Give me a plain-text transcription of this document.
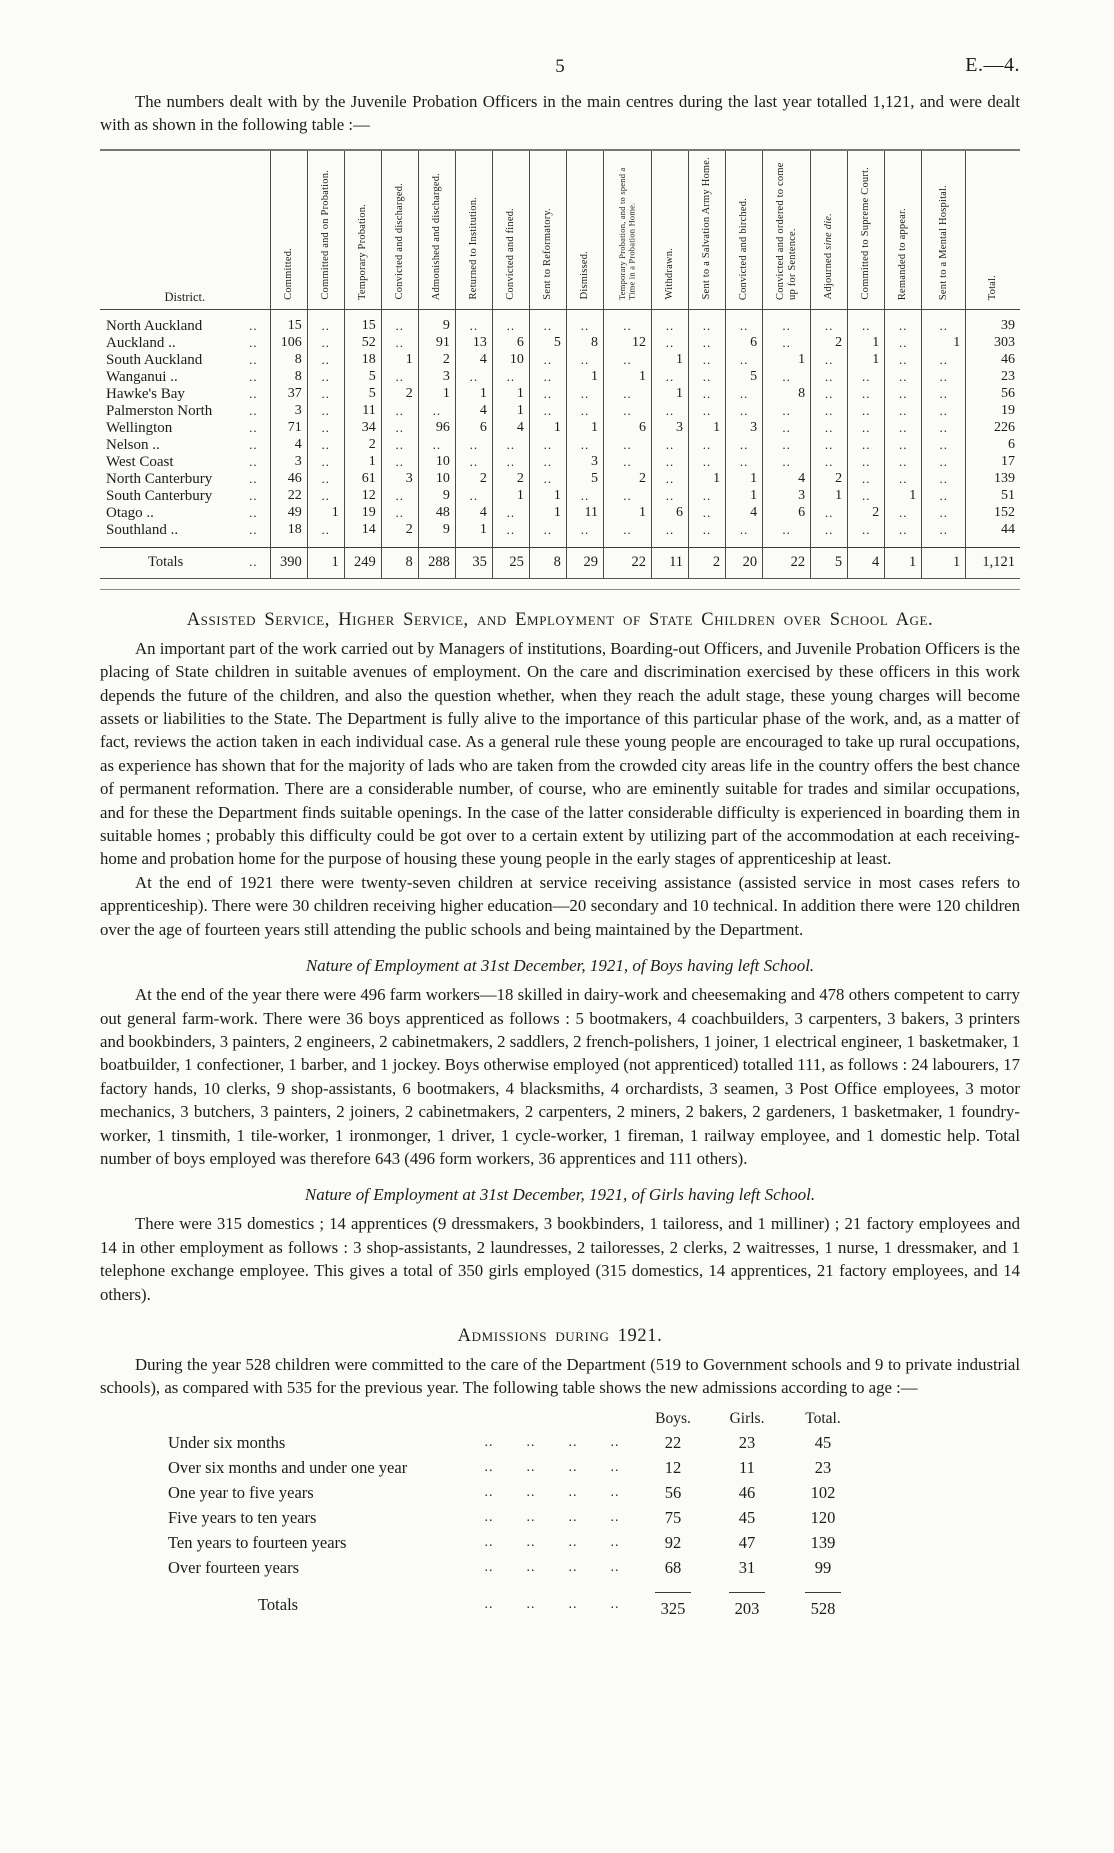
5	E.—4.

The numbers dealt with by the Juvenile Probation Officers in the main centres during the last year totalled 1,121, and were dealt with as shown in the following table :—

District.	Committed.	Committed and on Probation.	Temporary Probation.	Convicted and discharged.	Admonished and discharged.	Returned to Institution.	Convicted and fined.	Sent to Reformatory.	Dismissed.	Temporary Probation, and to spend a Time in a Probation Home.	Withdrawn.	Sent to a Salvation Army Home.	Convicted and birched.	Convicted and ordered to come up for Sentence.	Adjourned sine die.	Committed to Supreme Court.	Remanded to appear.	Sent to a Mental Hospital.	Total.

..
North Auckland	15	..	15	..	9	..	..	..	..	..	..	..	..	..	..	..	..	..	39

..
Auckland ..	106	..	52	..	91	13	6	5	8	12	..	..	6	..	2	1	..	1	303

..
South Auckland	8	..	18	1	2	4	10	..	..	..	1	..	..	1	..	1	..	..	46

..
Wanganui ..	8	..	5	..	3	..	..	..	1	1	..	..	5	..	..	..	..	..	23

..
Hawke's Bay	37	..	5	2	1	1	1	..	..	..	1	..	..	8	..	..	..	..	56

..
Palmerston North	3	..	11	..	..	4	1	..	..	..	..	..	..	..	..	..	..	..	19

..
Wellington	71	..	34	..	96	6	4	1	1	6	3	1	3	..	..	..	..	..	226

..
Nelson ..	4	..	2	..	..	..	..	..	..	..	..	..	..	..	..	..	..	..	6

..
West Coast	3	..	1	..	10	..	..	..	3	..	..	..	..	..	..	..	..	..	17

..
North Canterbury	46	..	61	3	10	2	2	..	5	2	..	1	1	4	2	..	..	..	139

..
South Canterbury	22	..	12	..	9	..	1	1	..	..	..	..	1	3	1	..	1	..	51

..
Otago ..	49	1	19	..	48	4	..	1	11	1	6	..	4	6	..	2	..	..	152

..
Southland ..	18	..	14	2	9	1	..	..	..	..	..	..	..	..	..	..	..	..	44

..
Totals	390	1	249	8	288	35	25	8	29	22	11	2	20	22	5	4	1	1	1,121
Assisted Service, Higher Service, and Employment of State Children over School Age.

An important part of the work carried out by Managers of institutions, Boarding-out Officers, and Juvenile Probation Officers is the placing of State children in suitable avenues of employment. On the care and discrimination exercised by these officers in this work depends the future of the children, and also the question whether, when they reach the adult stage, these young charges will become assets or liabilities to the State. The Department is fully alive to the importance of this particular phase of the work, and, as a matter of fact, reviews the action taken in each individual case. As a general rule these young people are encouraged to take up rural occupations, as experience has shown that for the majority of lads who are taken from the crowded city areas life in the country offers the best chance of permanent reformation. There are a considerable number, of course, who are eminently suitable for trades and similar occupations, and for these the Department finds suitable openings. In the case of the latter considerable difficulty is experienced in boarding them in suitable homes ; probably this difficulty could be got over to a certain extent by utilizing part of the accommodation at each receiving-home and probation home for the purpose of housing these young people in the early stages of apprenticeship at least.

At the end of 1921 there were twenty-seven children at service receiving assistance (assisted service in most cases refers to apprenticeship). There were 30 children receiving higher education—20 secondary and 10 technical. In addition there were 120 children over the age of fourteen years still attending the public schools and being maintained by the Department.

Nature of Employment at 31st December, 1921, of Boys having left School.

At the end of the year there were 496 farm workers—18 skilled in dairy-work and cheesemaking and 478 others competent to carry out general farm-work. There were 36 boys apprenticed as follows : 5 bootmakers, 4 coachbuilders, 3 carpenters, 3 bakers, 3 printers and bookbinders, 3 painters, 2 engineers, 2 cabinetmakers, 2 saddlers, 2 french-polishers, 1 joiner, 1 electrical engineer, 1 basketmaker, 1 boatbuilder, 1 confectioner, 1 barber, and 1 jockey. Boys otherwise employed (not apprenticed) totalled 111, as follows : 24 labourers, 17 factory hands, 10 clerks, 9 shop-assistants, 6 bootmakers, 4 blacksmiths, 4 orchardists, 3 seamen, 3 Post Office employees, 3 motor mechanics, 3 butchers, 3 painters, 2 joiners, 2 cabinetmakers, 2 carpenters, 2 miners, 2 bakers, 2 gardeners, 1 basketmaker, 1 foundry-worker, 1 tinsmith, 1 tile-worker, 1 ironmonger, 1 driver, 1 cycle-worker, 1 fireman, 1 railway employee, and 1 domestic help. Total number of boys employed was therefore 643 (496 form workers, 36 apprentices and 111 others).

Nature of Employment at 31st December, 1921, of Girls having left School.

There were 315 domestics ; 14 apprentices (9 dressmakers, 3 bookbinders, 1 tailoress, and 1 milliner) ; 21 factory employees and 14 in other employment as follows : 3 shop-assistants, 2 laundresses, 2 tailoresses, 2 clerks, 2 waitresses, 1 nurse, 1 dressmaker, and 1 telephone exchange employee. This gives a total of 350 girls employed (315 domestics, 14 apprentices, 21 factory employees, and 14 others).

Admissions during 1921.

During the year 528 children were committed to the care of the Department (519 to Government schools and 9 to private industrial schools), as compared with 535 for the previous year. The following table shows the new admissions according to age :—

Boys.	Girls.	Total.
Under six months	..	..	..	..	22	23	45
Over six months and under one year	..	..	..	..	12	11	23
One year to five years	..	..	..	..	56	46	102
Five years to ten years	..	..	..	..	75	45	120
Ten years to fourteen years	..	..	..	..	92	47	139
Over fourteen years	..	..	..	..	68	31	99
Totals	..	..	..	..	325	203	528
